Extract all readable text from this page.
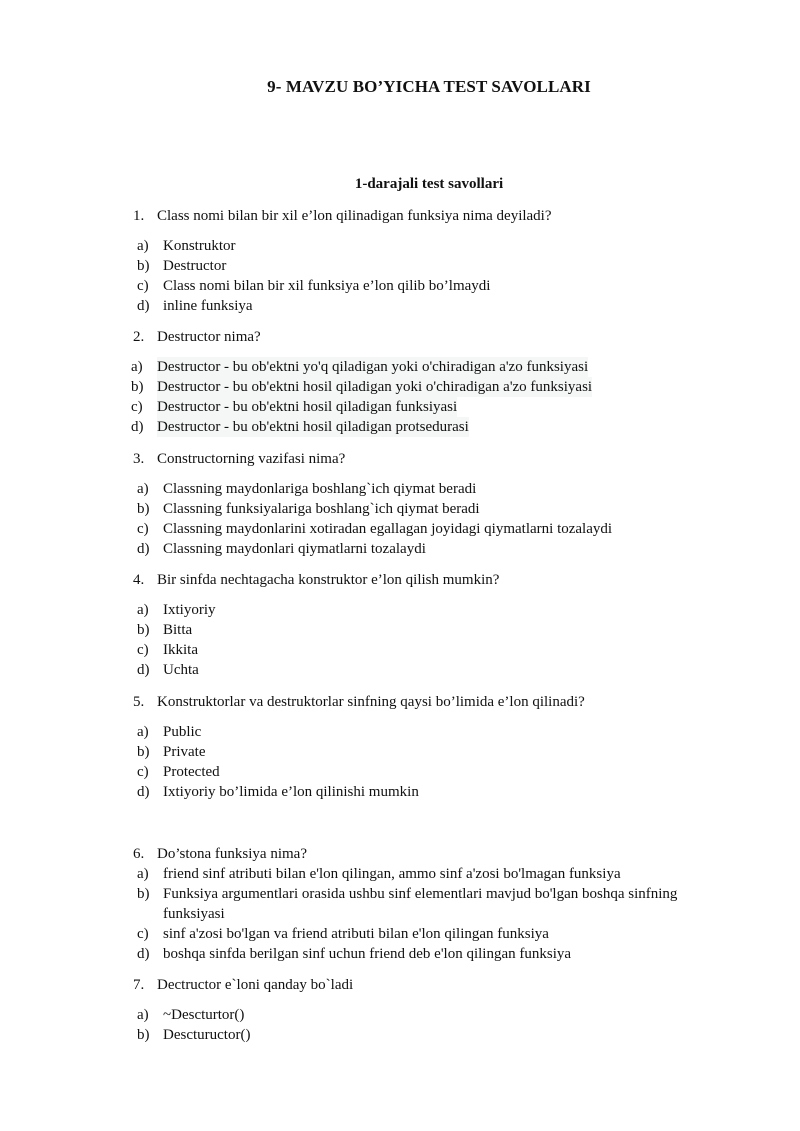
9- MAVZU BO’YICHA TEST SAVOLLARI
1-darajali test savollari
1. Class nomi bilan bir xil e’lon qilinadigan funksiya nima deyiladi?
a) Konstruktor
b) Destructor
c) Class nomi bilan bir xil funksiya e’lon qilib bo’lmaydi
d) inline funksiya
2. Destructor nima?
a) Destructor - bu ob'ektni yo'q qiladigan yoki o'chiradigan a'zo funksiyasi
b) Destructor - bu ob'ektni hosil qiladigan yoki o'chiradigan a'zo funksiyasi
c) Destructor - bu ob'ektni hosil qiladigan funksiyasi
d) Destructor - bu ob'ektni hosil qiladigan protsedurasi
3. Constructorning vazifasi nima?
a) Classning maydonlariga boshlang`ich qiymat beradi
b) Classning funksiyalariga boshlang`ich qiymat beradi
c) Classning maydonlarini xotiradan egallagan joyidagi qiymatlarni tozalaydi
d) Classning maydonlari qiymatlarni tozalaydi
4. Bir sinfda nechtagacha konstruktor e’lon qilish mumkin?
a) Ixtiyoriy
b) Bitta
c) Ikkita
d) Uchta
5. Konstruktorlar va destruktorlar sinfning qaysi bo’limida e’lon qilinadi?
a) Public
b) Private
c) Protected
d) Ixtiyoriy bo’limida e’lon qilinishi mumkin
6. Do’stona funksiya nima?
a) friend sinf atributi bilan e'lon qilingan, ammo sinf a'zosi bo'lmagan funksiya
b) Funksiya argumentlari orasida ushbu sinf elementlari mavjud bo'lgan boshqa sinfning funksiyasi
c) sinf a'zosi bo'lgan va friend atributi bilan e'lon qilingan funksiya
d) boshqa sinfda berilgan sinf uchun friend deb e'lon qilingan funksiya
7. Dectructor e`loni qanday bo`ladi
a) ~Descturtor()
b) Desctuructor()
